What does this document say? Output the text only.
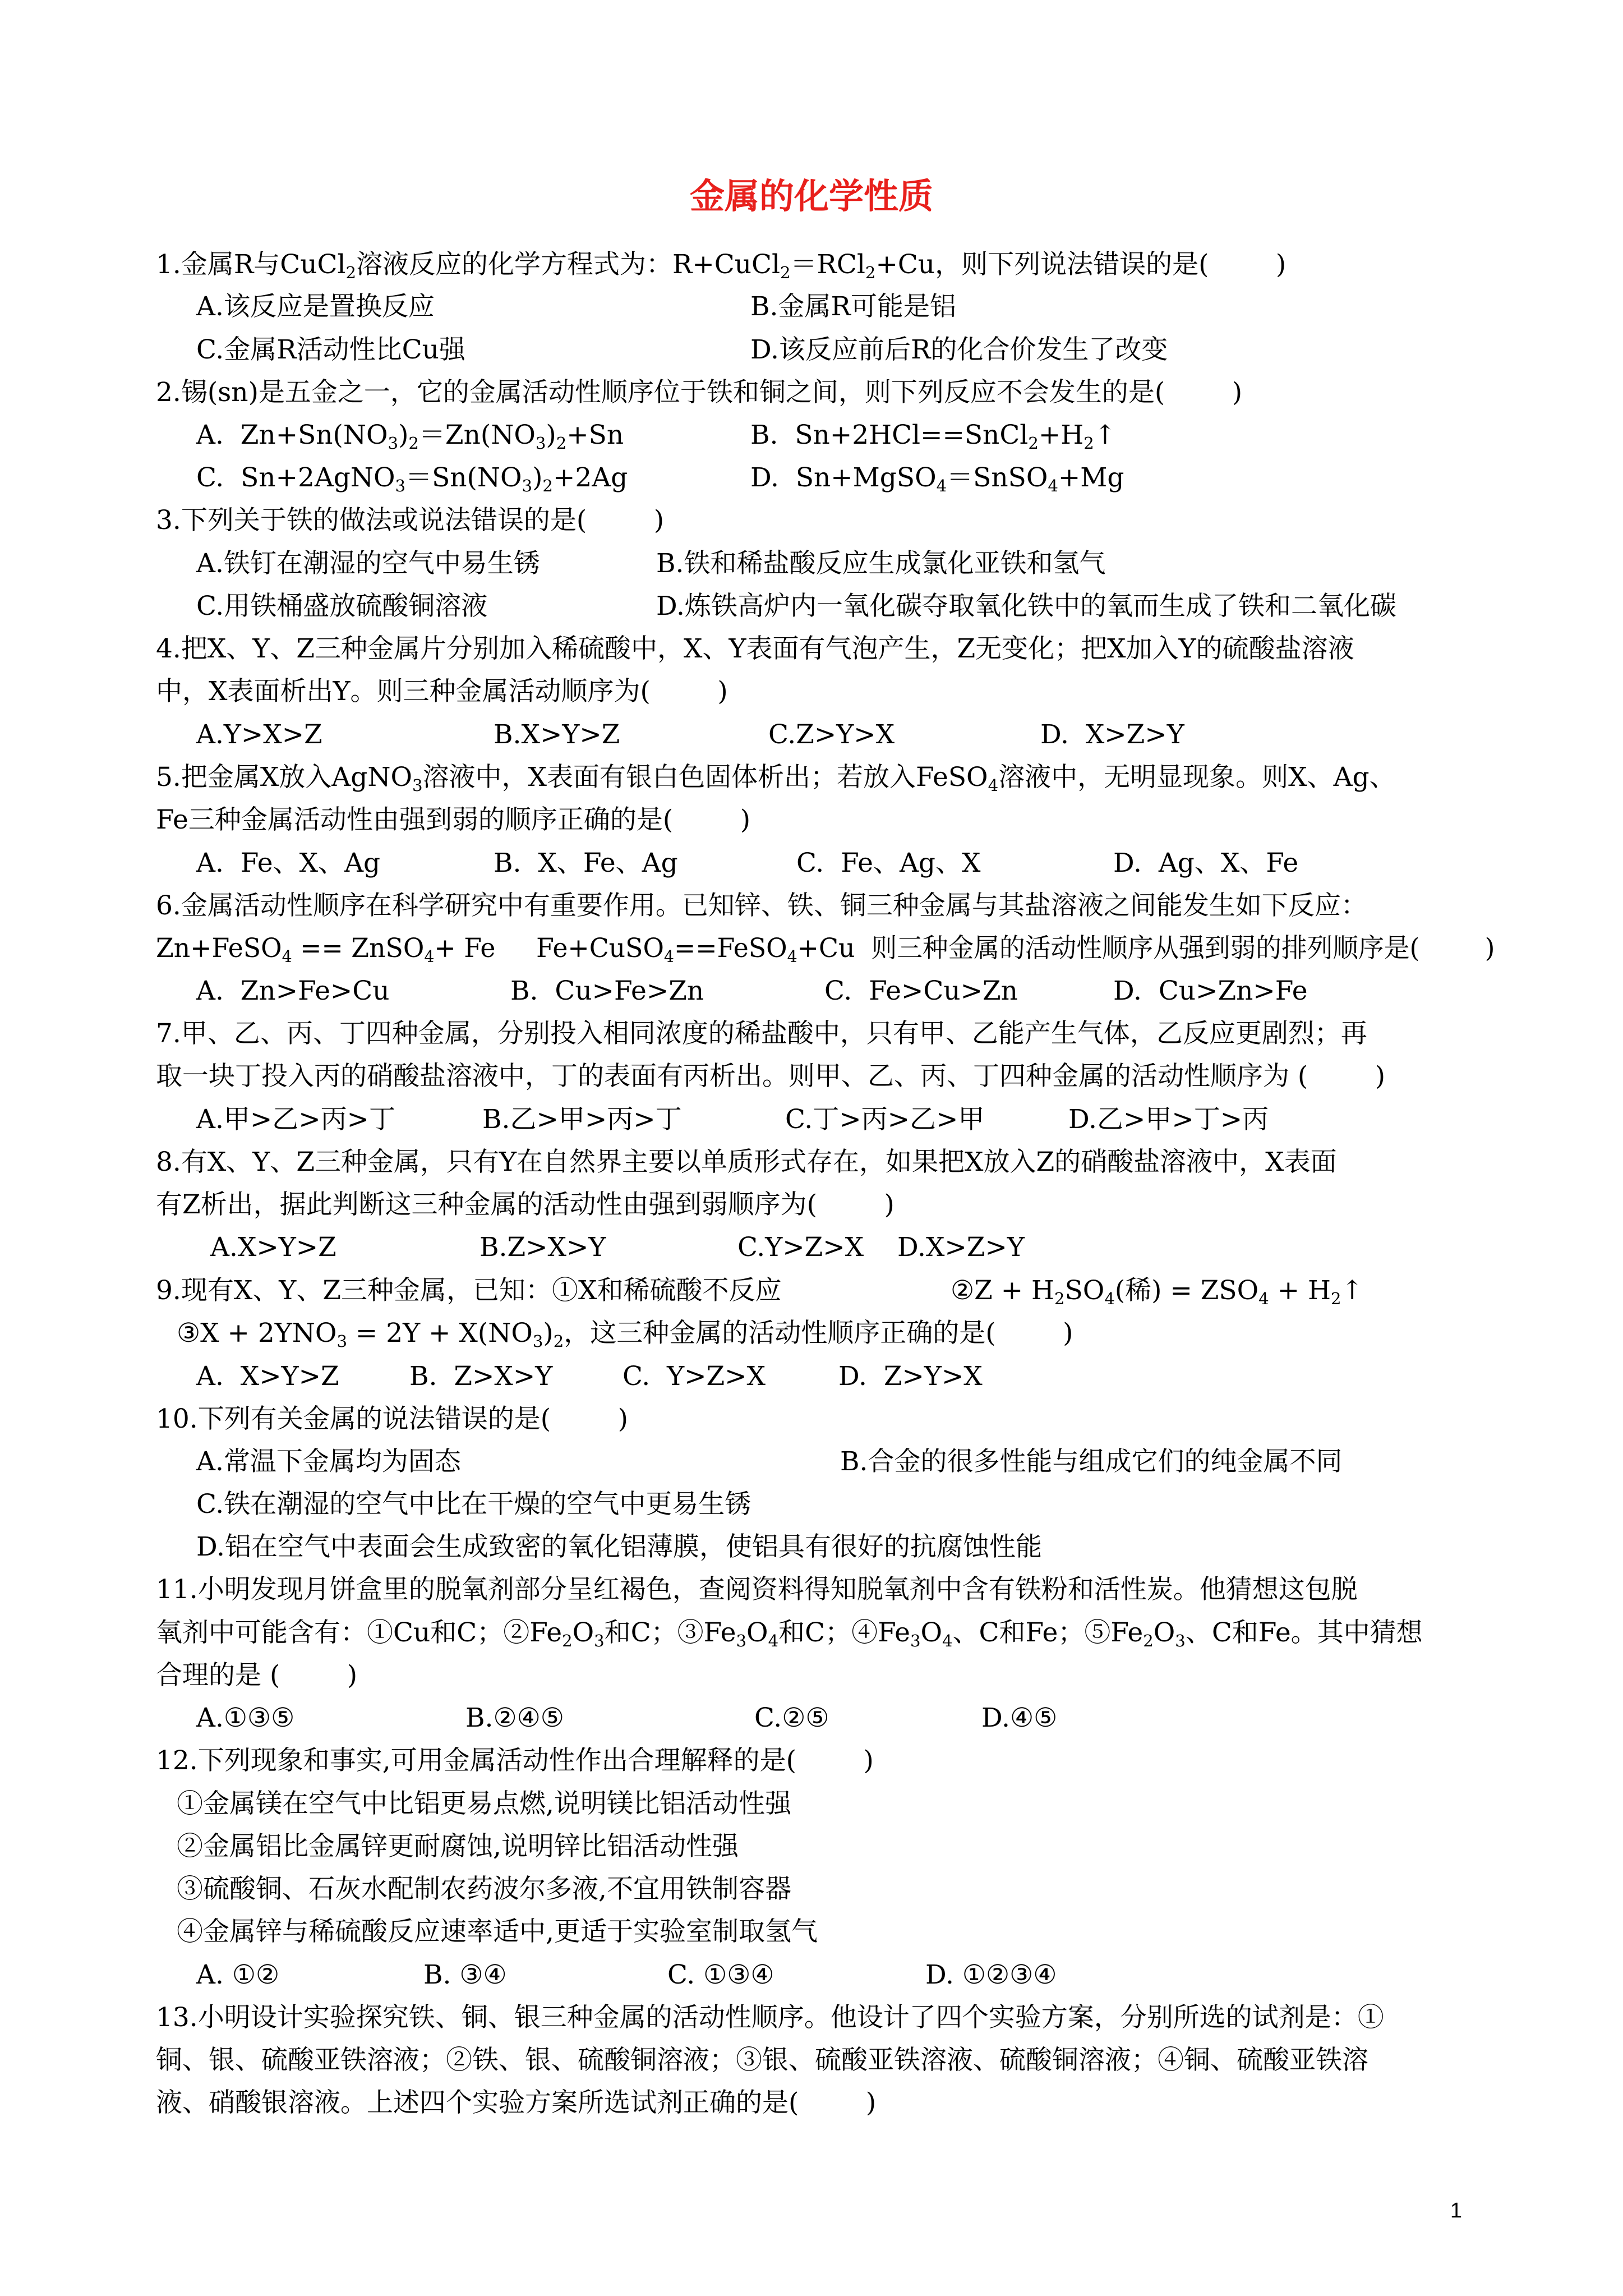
金属的化学性质
1.金属R与CuCl$_2$溶液反应的化学方程式为：R+CuCl$_2$＝RCl$_2$+Cu，则下列说法错误的是(        )
A.该反应是置换反应	B.金属R可能是铝
C.金属R活动性比Cu强	D.该反应前后R的化合价发生了改变
2.锡(sn)是五金之一，它的金属活动性顺序位于铁和铜之间，则下列反应不会发生的是(        )
A.  $Zn+Sn(NO_3)_2=Zn(NO_3)_2+Sn$	B.  $Sn+2HCl==SnCl_2+H_2↑$
C.  $Sn+2AgNO_3=Sn(NO_3)_2+2Ag$	D.  Sn+MgSO$_4$＝SnSO$_4$+Mg
3.下列关于铁的做法或说法错误的是(        )
A.铁钉在潮湿的空气中易生锈	B.铁和稀盐酸反应生成氯化亚铁和氢气
C.用铁桶盛放硫酸铜溶液	D.炼铁高炉内一氧化碳夺取氧化铁中的氧而生成了铁和二氧化碳
4.把X、Y、Z三种金属片分别加入稀硫酸中，X、Y表面有气泡产生，Z无变化；把X加入Y的硫酸盐溶液
中，X表面析出Y。则三种金属活动顺序为(        )
A.Y>X>Z	B.X>Y>Z	C.Z>Y>X	D.  X>Z>Y
5.把金属X放入AgNO$_3$溶液中，X表面有银白色固体析出；若放入FeSO$_4$溶液中，无明显现象。则X、Ag、
Fe三种金属活动性由强到弱的顺序正确的是(        )
A.  Fe、X、Ag	B.  X、Fe、Ag	C.  Fe、Ag、X	D.  Ag、X、Fe
6.金属活动性顺序在科学研究中有重要作用。已知锌、铁、铜三种金属与其盐溶液之间能发生如下反应：
Zn+FeSO$_4$ == ZnSO$_4$+ Fe     Fe+CuSO$_4$==FeSO$_4$+Cu  则三种金属的活动性顺序从强到弱的排列顺序是(        )
A.  Zn>Fe>Cu	B.  Cu>Fe>Zn	C.  Fe>Cu>Zn	D.  Cu>Zn>Fe
7.甲、乙、丙、丁四种金属，分别投入相同浓度的稀盐酸中，只有甲、乙能产生气体，乙反应更剧烈；再
取一块丁投入丙的硝酸盐溶液中，丁的表面有丙析出。则甲、乙、丙、丁四种金属的活动性顺序为 (        )
A.甲>乙>丙>丁	B.乙>甲>丙>丁	C.丁>丙>乙>甲	D.乙>甲>丁>丙
8.有X、Y、Z三种金属，只有Y在自然界主要以单质形式存在，如果把X放入Z的硝酸盐溶液中，X表面
有Z析出，据此判断这三种金属的活动性由强到弱顺序为(        )
A.X>Y>Z	B.Z>X>Y	C.Y>Z>X D.X>Z>Y
9.现有X、Y、Z三种金属，已知：①X和稀硫酸不反应	②Z + $H_2SO_4$(稀) = $ZSO_4$ + $H_2↑$
③X + $2YNO_3 = 2Y + X(NO_3)_2$，这三种金属的活动性顺序正确的是(        )
A.  X>Y>Z	B.  Z>X>Y	C.  Y>Z>X	D.  Z>Y>X
10.下列有关金属的说法错误的是(        )
A.常温下金属均为固态	B.合金的很多性能与组成它们的纯金属不同
C.铁在潮湿的空气中比在干燥的空气中更易生锈
D.铝在空气中表面会生成致密的氧化铝薄膜，使铝具有很好的抗腐蚀性能
11.小明发现月饼盒里的脱氧剂部分呈红褐色，查阅资料得知脱氧剂中含有铁粉和活性炭。他猜想这包脱
氧剂中可能含有：①Cu和C；$②Fe_2O_3$和C；$③Fe_3O_4$和C；$④Fe_3O_4$、C和Fe；$⑤Fe_2O_3$、C和Fe。其中猜想
合理的是 (        )
A.①③⑤	B.②④⑤	C.②⑤	D.④⑤
12.下列现象和事实,可用金属活动性作出合理解释的是(        )
①金属镁在空气中比铝更易点燃,说明镁比铝活动性强
②金属铝比金属锌更耐腐蚀,说明锌比铝活动性强
③硫酸铜、石灰水配制农药波尔多液,不宜用铁制容器
④金属锌与稀硫酸反应速率适中,更适于实验室制取氢气
A. ①②	B. ③④	C. ①③④	D. ①②③④
13.小明设计实验探究铁、铜、银三种金属的活动性顺序。他设计了四个实验方案，分别所选的试剂是：①
铜、银、硫酸亚铁溶液；②铁、银、硫酸铜溶液；③银、硫酸亚铁溶液、硫酸铜溶液；④铜、硫酸亚铁溶
液、硝酸银溶液。上述四个实验方案所选试剂正确的是(        )
1
